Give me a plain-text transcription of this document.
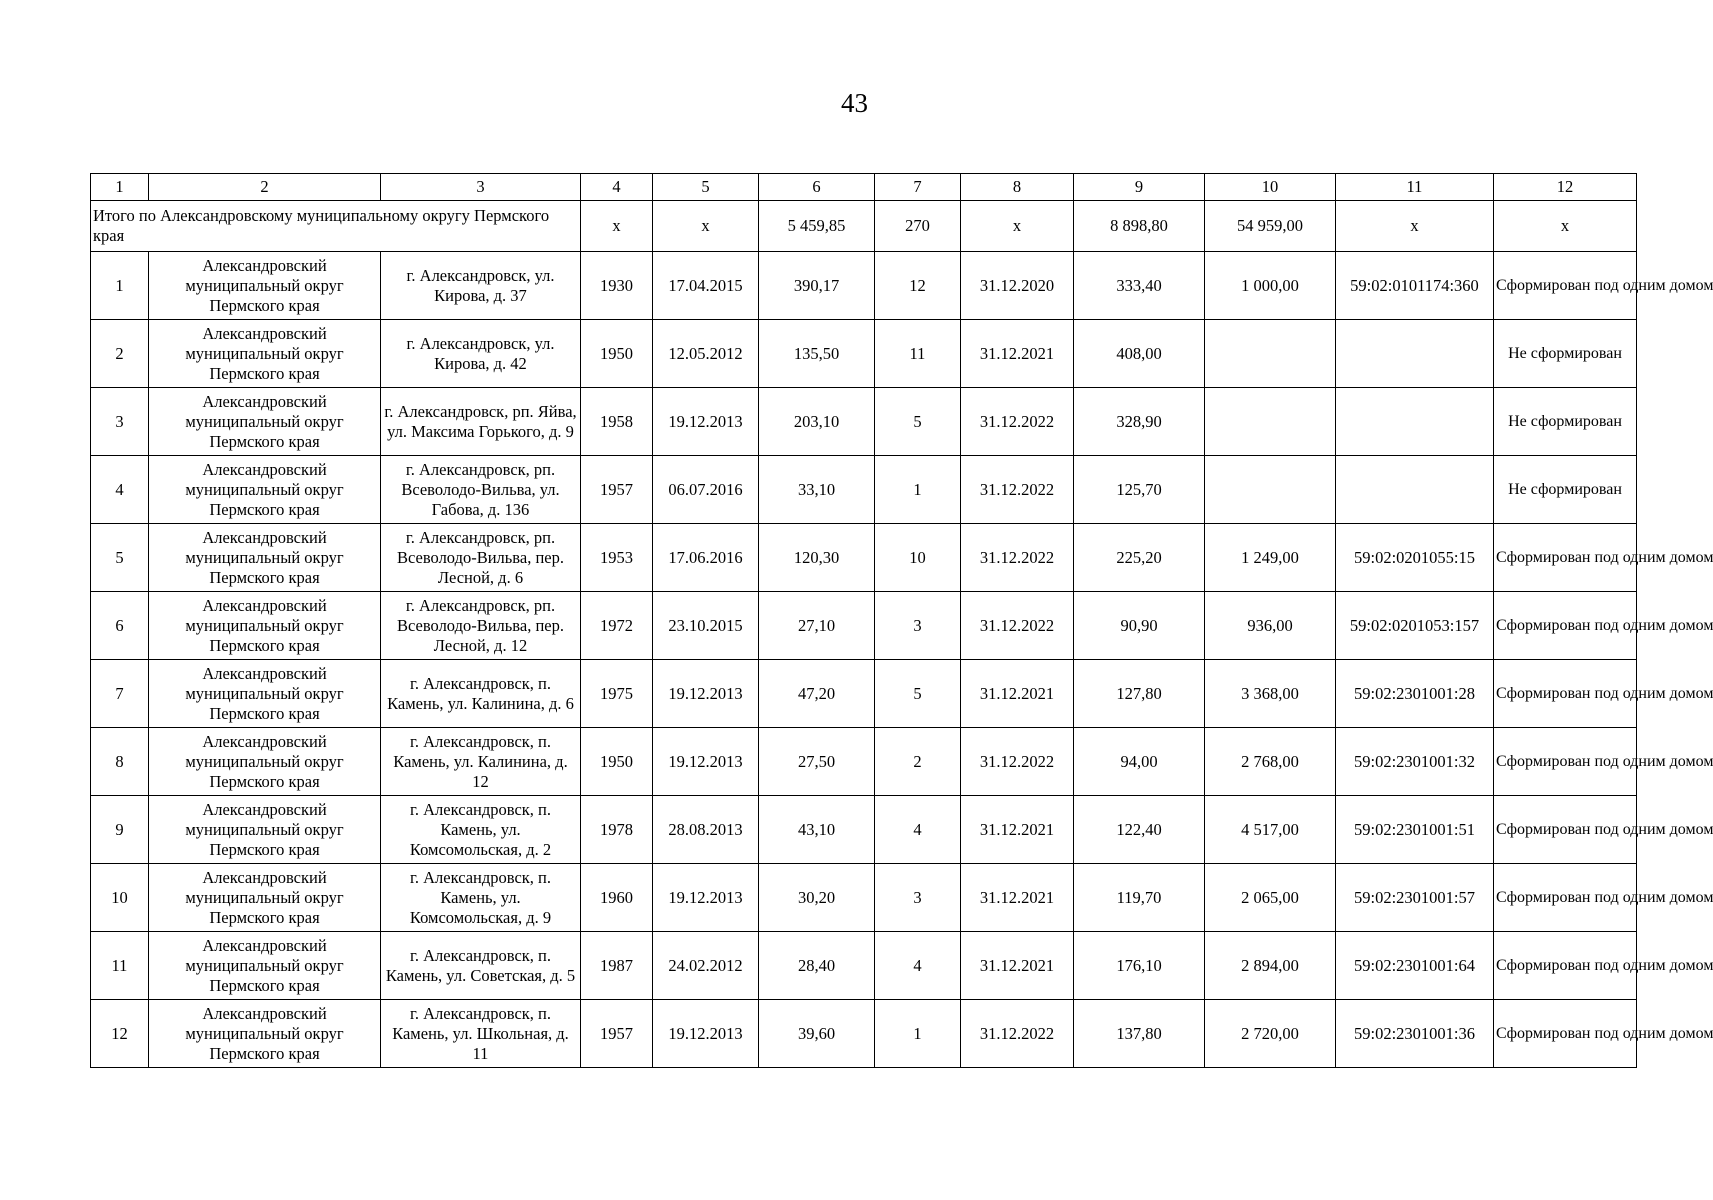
43
1	2	3	4	5	6	7	8	9	10	11	12
Итого по Александровскому муниципальному округу Пермского края			х	х	5 459,85	270	х	8 898,80	54 959,00	х	х
1	Александровский муниципальный округ Пермского края	г. Александровск, ул. Кирова, д. 37	1930	17.04.2015	390,17	12	31.12.2020	333,40	1 000,00	59:02:0101174:360	Сформирован под одним домом
2	Александровский муниципальный округ Пермского края	г. Александровск, ул. Кирова, д. 42	1950	12.05.2012	135,50	11	31.12.2021	408,00			Не сформирован
3	Александровский муниципальный округ Пермского края	г. Александровск, рп. Яйва, ул. Максима Горького, д. 9	1958	19.12.2013	203,10	5	31.12.2022	328,90			Не сформирован
4	Александровский муниципальный округ Пермского края	г. Александровск, рп. Всеволодо-Вильва, ул. Габова, д. 136	1957	06.07.2016	33,10	1	31.12.2022	125,70			Не сформирован
5	Александровский муниципальный округ Пермского края	г. Александровск, рп. Всеволодо-Вильва, пер. Лесной, д. 6	1953	17.06.2016	120,30	10	31.12.2022	225,20	1 249,00	59:02:0201055:15	Сформирован под одним домом
6	Александровский муниципальный округ Пермского края	г. Александровск, рп. Всеволодо-Вильва, пер. Лесной, д. 12	1972	23.10.2015	27,10	3	31.12.2022	90,90	936,00	59:02:0201053:157	Сформирован под одним домом
7	Александровский муниципальный округ Пермского края	г. Александровск, п. Камень, ул. Калинина, д. 6	1975	19.12.2013	47,20	5	31.12.2021	127,80	3 368,00	59:02:2301001:28	Сформирован под одним домом
8	Александровский муниципальный округ Пермского края	г. Александровск, п. Камень, ул. Калинина, д. 12	1950	19.12.2013	27,50	2	31.12.2022	94,00	2 768,00	59:02:2301001:32	Сформирован под одним домом
9	Александровский муниципальный округ Пермского края	г. Александровск, п. Камень, ул. Комсомольская, д. 2	1978	28.08.2013	43,10	4	31.12.2021	122,40	4 517,00	59:02:2301001:51	Сформирован под одним домом
10	Александровский муниципальный округ Пермского края	г. Александровск, п. Камень, ул. Комсомольская, д. 9	1960	19.12.2013	30,20	3	31.12.2021	119,70	2 065,00	59:02:2301001:57	Сформирован под одним домом
11	Александровский муниципальный округ Пермского края	г. Александровск, п. Камень, ул. Советская, д. 5	1987	24.02.2012	28,40	4	31.12.2021	176,10	2 894,00	59:02:2301001:64	Сформирован под одним домом
12	Александровский муниципальный округ Пермского края	г. Александровск, п. Камень, ул. Школьная, д. 11	1957	19.12.2013	39,60	1	31.12.2022	137,80	2 720,00	59:02:2301001:36	Сформирован под одним домом
